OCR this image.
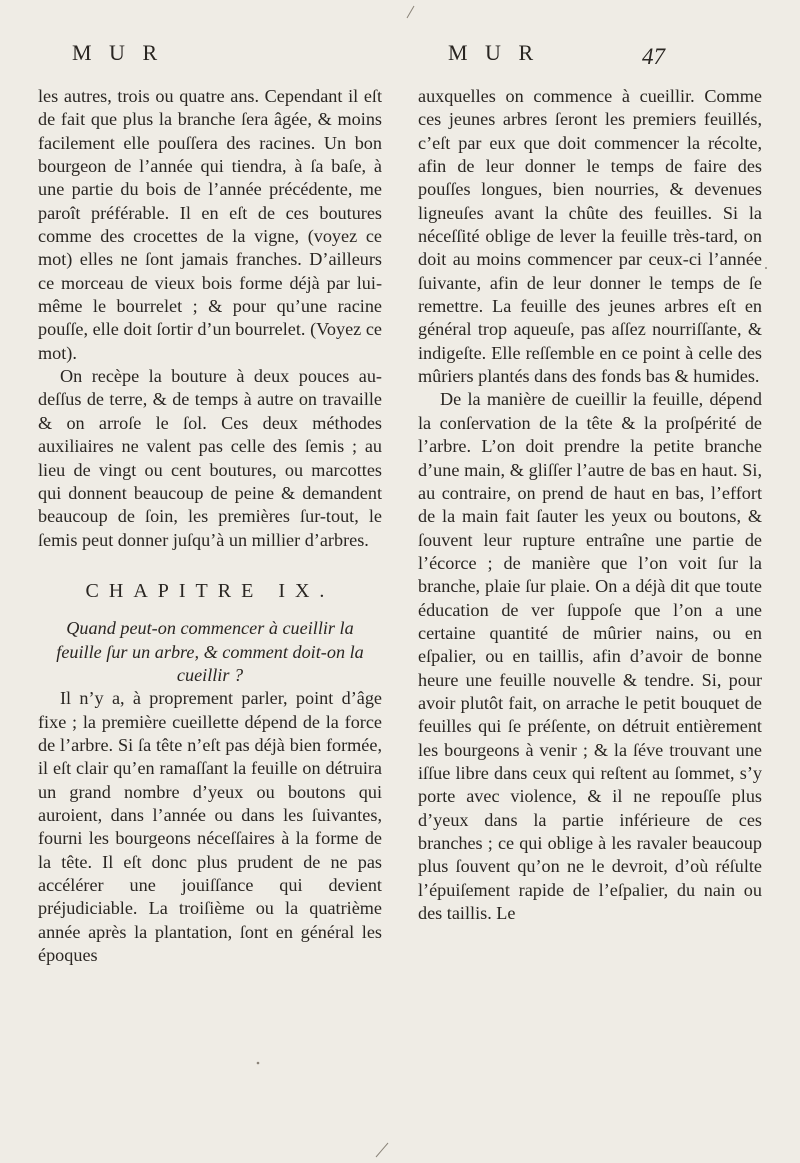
M U R	M U R	47

les autres, trois ou quatre ans. Cependant il eſt de fait que plus la branche ſera âgée, & moins facilement elle pouſſera des racines. Un bon bourgeon de l’année qui tiendra, à ſa baſe, à une partie du bois de l’année précédente, me paroît préférable. Il en eſt de ces boutures comme des crocettes de la vigne, (voyez ce mot) elles ne ſont jamais franches. D’ailleurs ce morceau de vieux bois forme déjà par lui-même le bourrelet ; & pour qu’une racine pouſſe, elle doit ſortir d’un bourrelet. (Voyez ce mot).

On recèpe la bouture à deux pouces au-deſſus de terre, & de temps à autre on travaille & on arroſe le ſol. Ces deux méthodes auxiliaires ne valent pas celle des ſemis ; au lieu de vingt ou cent boutures, ou marcottes qui donnent beaucoup de peine & demandent beaucoup de ſoin, les premières ſur-tout, le ſemis peut donner juſqu’à un millier d’arbres.

CHAPITRE IX.

Quand peut-on commencer à cueillir la feuille ſur un arbre, & comment doit-on la cueillir ?

Il n’y a, à proprement parler, point d’âge fixe ; la première cueillette dépend de la force de l’arbre. Si ſa tête n’eſt pas déjà bien formée, il eſt clair qu’en ramaſſant la feuille on détruira un grand nombre d’yeux ou boutons qui auroient, dans l’année ou dans les ſuivantes, fourni les bourgeons néceſſaires à la forme de la tête. Il eſt donc plus prudent de ne pas accélérer une jouiſſance qui devient préjudiciable. La troiſième ou la quatrième année après la plantation, ſont en général les époques

auxquelles on commence à cueillir. Comme ces jeunes arbres ſeront les premiers feuillés, c’eſt par eux que doit commencer la récolte, afin de leur donner le temps de faire des pouſſes longues, bien nourries, & devenues ligneuſes avant la chûte des feuilles. Si la néceſſité oblige de lever la feuille très-tard, on doit au moins commencer par ceux-ci l’année ſuivante, afin de leur donner le temps de ſe remettre. La feuille des jeunes arbres eſt en général trop aqueuſe, pas aſſez nourriſſante, & indigeſte. Elle reſſemble en ce point à celle des mûriers plantés dans des fonds bas & humides.

De la manière de cueillir la feuille, dépend la conſervation de la tête & la proſpérité de l’arbre. L’on doit prendre la petite branche d’une main, & gliſſer l’autre de bas en haut. Si, au contraire, on prend de haut en bas, l’effort de la main fait ſauter les yeux ou boutons, & ſouvent leur rupture entraîne une partie de l’écorce ; de manière que l’on voit ſur la branche, plaie ſur plaie. On a déjà dit que toute éducation de ver ſuppoſe que l’on a une certaine quantité de mûrier nains, ou en eſpalier, ou en taillis, afin d’avoir de bonne heure une feuille nouvelle & tendre. Si, pour avoir plutôt fait, on arrache le petit bouquet de feuilles qui ſe préſente, on détruit entièrement les bourgeons à venir ; & la ſéve trouvant une iſſue libre dans ceux qui reſtent au ſommet, s’y porte avec violence, & il ne repouſſe plus d’yeux dans la partie inférieure de ces branches ; ce qui oblige à les ravaler beaucoup plus ſouvent qu’on ne le devroit, d’où réſulte l’épuiſement rapide de l’eſpalier, du nain ou des taillis. Le
